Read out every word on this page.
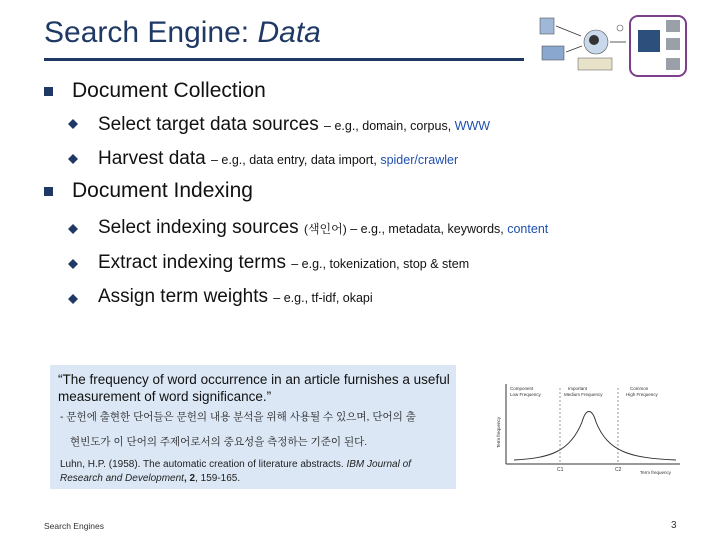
Search Engine: Data
Document Collection
Select target data sources – e.g., domain, corpus, WWW
Harvest data – e.g., data entry, data import, spider/crawler
Document Indexing
Select indexing sources (색인어) – e.g., metadata, keywords, content
Extract indexing terms – e.g., tokenization, stop & stem
Assign term weights – e.g., tf-idf, okapi
“The frequency of word occurrence in an article furnishes a useful measurement of word significance.”
- 문헌에 출현한 단어들은 문헌의 내용 분석을 위해 사용될 수 있으며, 단어의 출
현빈도가 이 단어의 주제어로서의 중요성을 측정하는 기준이 된다.
Luhn, H.P. (1958). The automatic creation of literature abstracts. IBM Journal of Research and Development, 2, 159-165.
Component
Low Frequency
Important
Medium Frequency
Common
High Frequency
C1	C2	Term frequency
Term frequency
Search Engines	3
